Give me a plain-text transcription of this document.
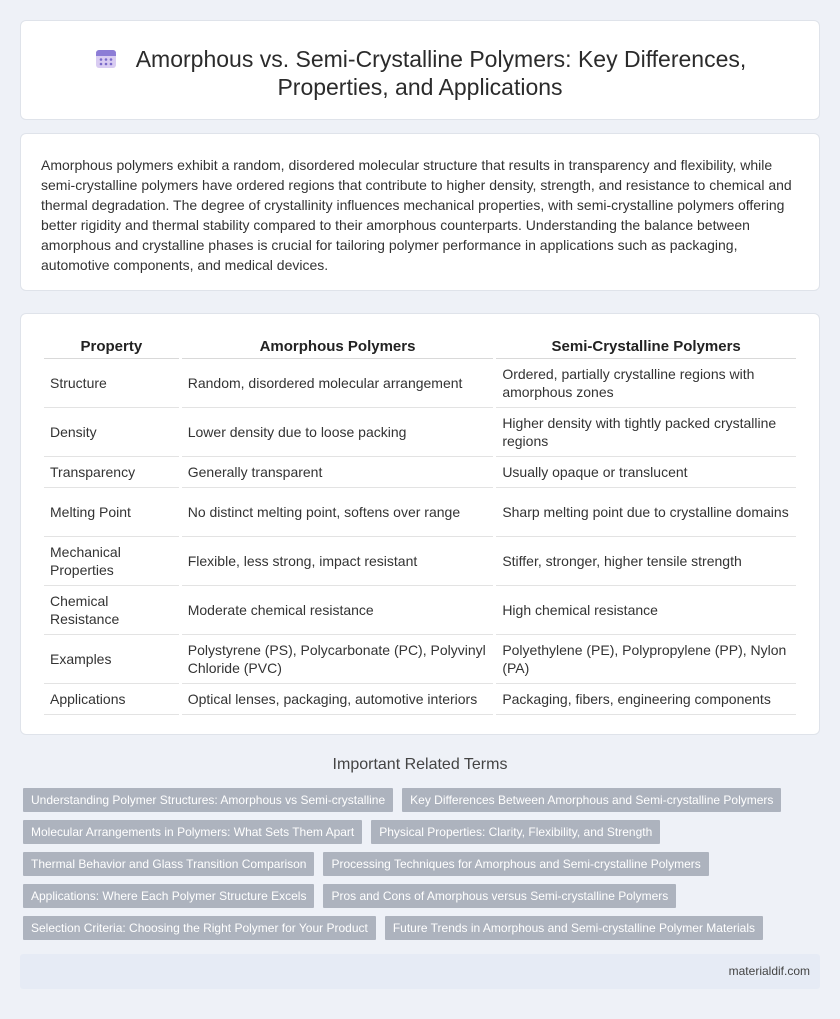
Amorphous vs. Semi-Crystalline Polymers: Key Differences, Properties, and Applications

Amorphous polymers exhibit a random, disordered molecular structure that results in transparency and flexibility, while semi-crystalline polymers have ordered regions that contribute to higher density, strength, and resistance to chemical and thermal degradation. The degree of crystallinity influences mechanical properties, with semi-crystalline polymers offering better rigidity and thermal stability compared to their amorphous counterparts. Understanding the balance between amorphous and crystalline phases is crucial for tailoring polymer performance in applications such as packaging, automotive components, and medical devices.

Property	Amorphous Polymers	Semi-Crystalline Polymers
Structure	Random, disordered molecular arrangement	Ordered, partially crystalline regions with amorphous zones
Density	Lower density due to loose packing	Higher density with tightly packed crystalline regions
Transparency	Generally transparent	Usually opaque or translucent
Melting Point	No distinct melting point, softens over range	Sharp melting point due to crystalline domains
Mechanical Properties	Flexible, less strong, impact resistant	Stiffer, stronger, higher tensile strength
Chemical Resistance	Moderate chemical resistance	High chemical resistance
Examples	Polystyrene (PS), Polycarbonate (PC), Polyvinyl Chloride (PVC)	Polyethylene (PE), Polypropylene (PP), Nylon (PA)
Applications	Optical lenses, packaging, automotive interiors	Packaging, fibers, engineering components
Important Related Terms
Understanding Polymer Structures: Amorphous vs Semi-crystalline Key Differences Between Amorphous and Semi-crystalline Polymers
Molecular Arrangements in Polymers: What Sets Them Apart Physical Properties: Clarity, Flexibility, and Strength
Thermal Behavior and Glass Transition Comparison Processing Techniques for Amorphous and Semi-crystalline Polymers
Applications: Where Each Polymer Structure Excels Pros and Cons of Amorphous versus Semi-crystalline Polymers
Selection Criteria: Choosing the Right Polymer for Your Product Future Trends in Amorphous and Semi-crystalline Polymer Materials
materialdif.com
